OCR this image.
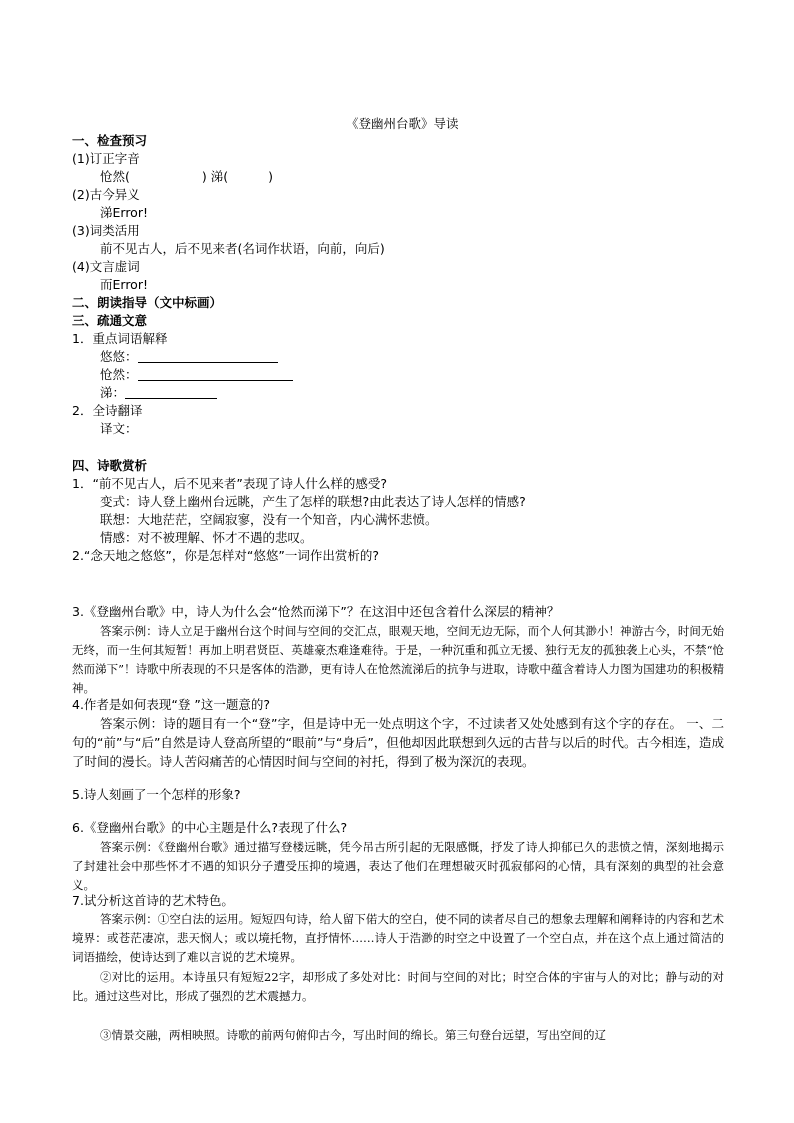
《登幽州台歌》导读
一、检查预习
(1)订正字音
怆然(	) 涕(	)
(2)古今异义
涕Error!
(3)词类活用
前不见古人，后不见来者(名词作状语，向前，向后)
(4)文言虚词
而Error!
二、朗读指导（文中标画）
三、疏通文意
1．重点词语解释
悠悠：
怆然：
涕：
2．全诗翻译
译文：
四、诗歌赏析
1．“前不见古人，后不见来者”表现了诗人什么样的感受?
变式：诗人登上幽州台远眺，产生了怎样的联想?由此表达了诗人怎样的情感?
联想：大地茫茫，空阔寂寥，没有一个知音，内心满怀悲愤。
情感：对不被理解、怀才不遇的悲叹。
2.“念天地之悠悠”，你是怎样对“悠悠”一词作出赏析的?
3.《登幽州台歌》中，诗人为什么会“怆然而涕下”？在这泪中还包含着什么深层的精神？
答案示例：诗人立足于幽州台这个时间与空间的交汇点，眼观天地，空间无边无际，而个人何其渺小！神游古今，时间无始无终，而一生何其短暂！再加上明君贤臣、英雄豪杰难逢难待。于是，一种沉重和孤立无援、独行无友的孤独袭上心头，不禁“怆然而涕下”！诗歌中所表现的不只是客体的浩渺，更有诗人在怆然流涕后的抗争与进取，诗歌中蕴含着诗人力图为国建功的积极精神。
4.作者是如何表现“登 ”这一题意的?
答案示例：诗的题目有一个“登”字，但是诗中无一处点明这个字，不过读者又处处感到有这个字的存在。 一、二句的“前”与“后”自然是诗人登高所望的“眼前”与“身后”，但他却因此联想到久远的古昔与以后的时代。古今相连，造成了时间的漫长。诗人苦闷痛苦的心情因时间与空间的衬托，得到了极为深沉的表现。
5.诗人刻画了一个怎样的形象?
6.《登幽州台歌》的中心主题是什么?表现了什么?
答案示例：《登幽州台歌》通过描写登楼远眺，凭今吊古所引起的无限感慨，抒发了诗人抑郁已久的悲愤之情，深刻地揭示了封建社会中那些怀才不遇的知识分子遭受压抑的境遇，表达了他们在理想破灭时孤寂郁闷的心情，具有深刻的典型的社会意义。
7.试分析这首诗的艺术特色。
答案示例：①空白法的运用。短短四句诗，给人留下偌大的空白，使不同的读者尽自己的想象去理解和阐释诗的内容和艺术境界：或苍茫凄凉，悲天悯人；或以境托物，直抒情怀……诗人于浩渺的时空之中设置了一个空白点，并在这个点上通过简洁的词语描绘，使诗达到了难以言说的艺术境界。
②对比的运用。本诗虽只有短短22字，却形成了多处对比：时间与空间的对比；时空合体的宇宙与人的对比；静与动的对比。通过这些对比，形成了强烈的艺术震撼力。
③情景交融，两相映照。诗歌的前两句俯仰古今，写出时间的绵长。第三句登台远望，写出空间的辽
